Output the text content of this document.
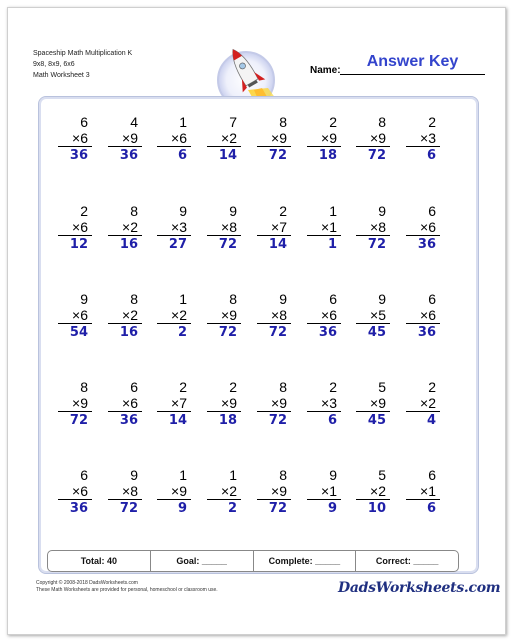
Spaceship Math Multiplication K
9x8, 8x9, 6x6
Math Worksheet 3	Name:
Answer Key
6
×6
36
4
×9
36
1
×6
6
7
×2
14
8
×9
72
2
×9
18
8
×9
72
2
×3
6
2
×6
12
8
×2
16
9
×3
27
9
×8
72
2
×7
14
1
×1
1
9
×8
72
6
×6
36
9
×6
54
8
×2
16
1
×2
2
8
×9
72
9
×8
72
6
×6
36
9
×5
45
6
×6
36
8
×9
72
6
×6
36
2
×7
14
2
×9
18
8
×9
72
2
×3
6
5
×9
45
2
×2
4
6
×6
36
9
×8
72
1
×9
9
1
×2
2
8
×9
72
9
×1
9
5
×2
10
6
×1
6
Total: 40	Goal: _____	Complete: _____	Correct: _____
Copyright © 2008-2018 DadsWorksheets.com
These Math Worksheets are provided for personal, homeschool or classroom use.	DadsWorksheets.com
